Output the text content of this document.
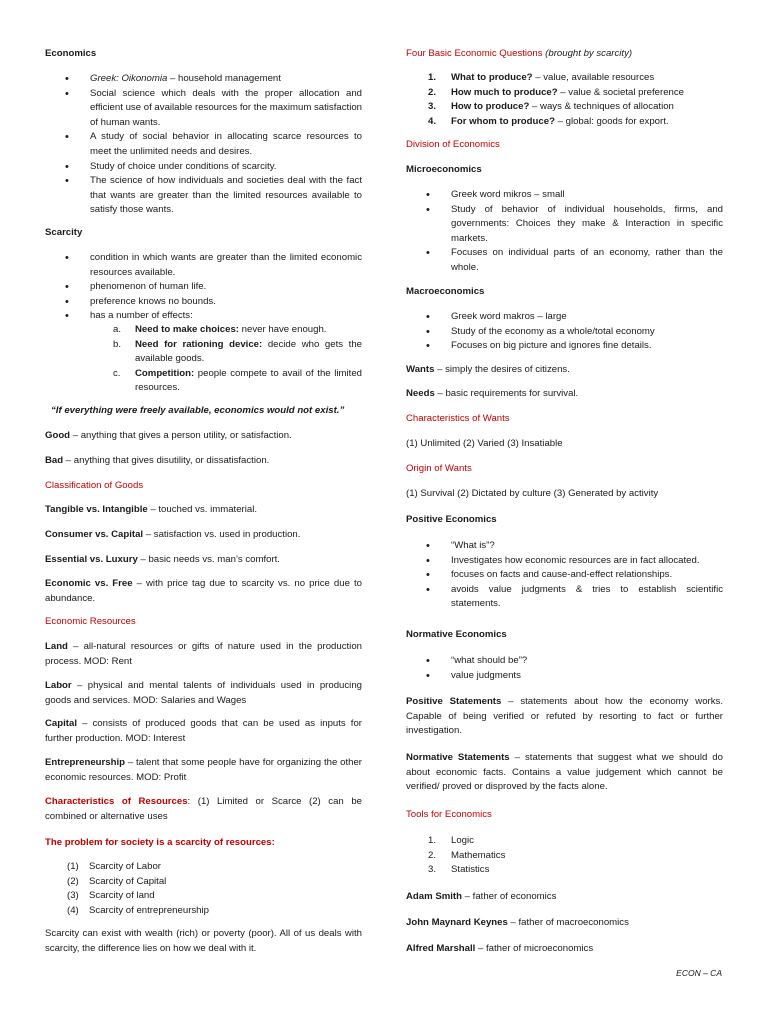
Economics
• Greek: Oikonomia – household management
• Social science which deals with the proper allocation and efficient use of available resources for the maximum satisfaction of human wants.
• A study of social behavior in allocating scarce resources to meet the unlimited needs and desires.
• Study of choice under conditions of scarcity.
• The science of how individuals and societies deal with the fact that wants are greater than the limited resources available to satisfy those wants.
Scarcity
• condition in which wants are greater than the limited economic resources available.
• phenomenon of human life.
• preference knows no bounds.
• has a number of effects:
a. Need to make choices: never have enough.
b. Need for rationing device: decide who gets the available goods.
c. Competition: people compete to avail of the limited resources.
“If everything were freely available, economics would not exist.”
Good – anything that gives a person utility, or satisfaction.
Bad – anything that gives disutility, or dissatisfaction.
Classification of Goods
Tangible vs. Intangible – touched vs. immaterial.
Consumer vs. Capital – satisfaction vs. used in production.
Essential vs. Luxury – basic needs vs. man’s comfort.
Economic vs. Free – with price tag due to scarcity vs. no price due to abundance.
Economic Resources
Land – all-natural resources or gifts of nature used in the production process. MOD: Rent
Labor – physical and mental talents of individuals used in producing goods and services. MOD: Salaries and Wages
Capital – consists of produced goods that can be used as inputs for further production. MOD: Interest
Entrepreneurship – talent that some people have for organizing the other economic resources. MOD: Profit
Characteristics of Resources: (1) Limited or Scarce (2) can be combined or alternative uses
The problem for society is a scarcity of resources:
(1) Scarcity of Labor
(2) Scarcity of Capital
(3) Scarcity of land
(4) Scarcity of entrepreneurship
Scarcity can exist with wealth (rich) or poverty (poor). All of us deals with scarcity, the difference lies on how we deal with it.
Four Basic Economic Questions (brought by scarcity)
1. What to produce? – value, available resources
2. How much to produce? – value & societal preference
3. How to produce? – ways & techniques of allocation
4. For whom to produce? – global: goods for export.
Division of Economics
Microeconomics
• Greek word mikros – small
• Study of behavior of individual households, firms, and governments: Choices they make & Interaction in specific markets.
• Focuses on individual parts of an economy, rather than the whole.
Macroeconomics
• Greek word makros – large
• Study of the economy as a whole/total economy
• Focuses on big picture and ignores fine details.
Wants – simply the desires of citizens.
Needs – basic requirements for survival.
Characteristics of Wants
(1) Unlimited (2) Varied (3) Insatiable
Origin of Wants
(1) Survival (2) Dictated by culture (3) Generated by activity
Positive Economics
• “What is”?
• Investigates how economic resources are in fact allocated.
• focuses on facts and cause-and-effect relationships.
• avoids value judgments & tries to establish scientific statements.
Normative Economics
• “what should be”?
• value judgments
Positive Statements – statements about how the economy works. Capable of being verified or refuted by resorting to fact or further investigation.
Normative Statements – statements that suggest what we should do about economic facts. Contains a value judgement which cannot be verified/ proved or disproved by the facts alone.
Tools for Economics
1. Logic
2. Mathematics
3. Statistics
Adam Smith – father of economics
John Maynard Keynes – father of macroeconomics
Alfred Marshall – father of microeconomics
ECON – CA
